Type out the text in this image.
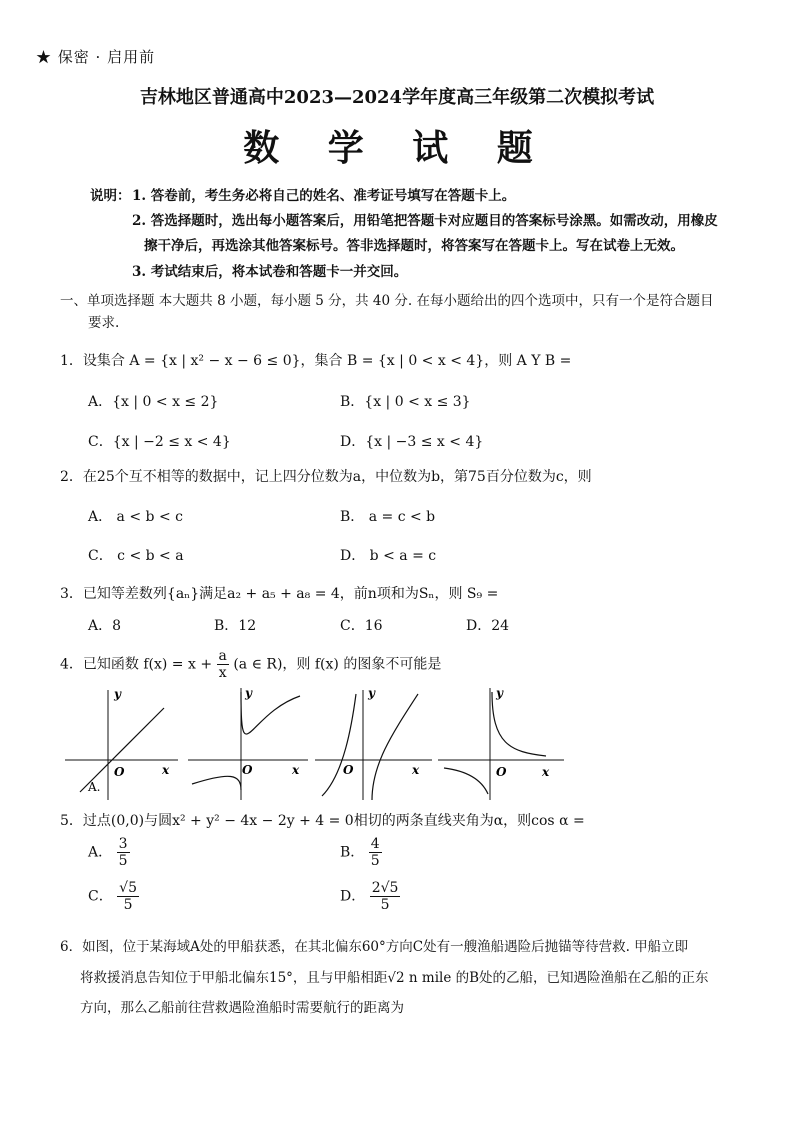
★ 保密 · 启用前
吉林地区普通高中2023—2024学年度高三年级第二次模拟考试
数 学 试 题
说明： 1. 答卷前，考生务必将自己的姓名、准考证号填写在答题卡上。
2. 答选择题时，选出每小题答案后，用铅笔把答题卡对应题目的答案标号涂黑。如需改动，用橡皮
擦干净后，再选涂其他答案标号。答非选择题时，将答案写在答题卡上。写在试卷上无效。
3. 考试结束后，将本试卷和答题卡一并交回。
一、单项选择题 本大题共 8 小题，每小题 5 分，共 40 分. 在每小题给出的四个选项中，只有一个是符合题目
要求.
1．设集合 A = {x | x² − x − 6 ≤ 0}，集合 B = {x | 0 < x < 4}，则 A Y B =
A．{x | 0 < x ≤ 2}	B．{x | 0 < x ≤ 3}
C．{x | −2 ≤ x < 4}	D．{x | −3 ≤ x < 4}
2．在25个互不相等的数据中，记上四分位数为a，中位数为b，第75百分位数为c，则
A． a < b < c	B． a = c < b
C． c < b < a	D． b < a = c
3．已知等差数列{aₙ}满足a₂ + a₅ + a₈ = 4，前n项和为Sₙ，则 S₉ =
A．8	B．12	C．16	D．24
4．已知函数 $f(x) = x + \frac{a}{x} (a$ ∈ R)，则 f(x) 的图象不可能是
y
O	x
A.
y
O	x
y
O	x
y
O	x
5．过点(0,0)与圆x² + y² − 4x − 2y + 4 = 0相切的两条直线夹角为α，则cos α =
A． $\frac{3}{5}$	B． $\frac{4}{5}$
C． $\frac{√5}{5}$	D． $\frac{2√5}{5}$
6．如图，位于某海域A处的甲船获悉，在其北偏东60°方向C处有一艘渔船遇险后抛锚等待营救. 甲船立即
将救援消息告知位于甲船北偏东15°，且与甲船相距√2 n mile 的B处的乙船，已知遇险渔船在乙船的正东
方向，那么乙船前往营救遇险渔船时需要航行的距离为
